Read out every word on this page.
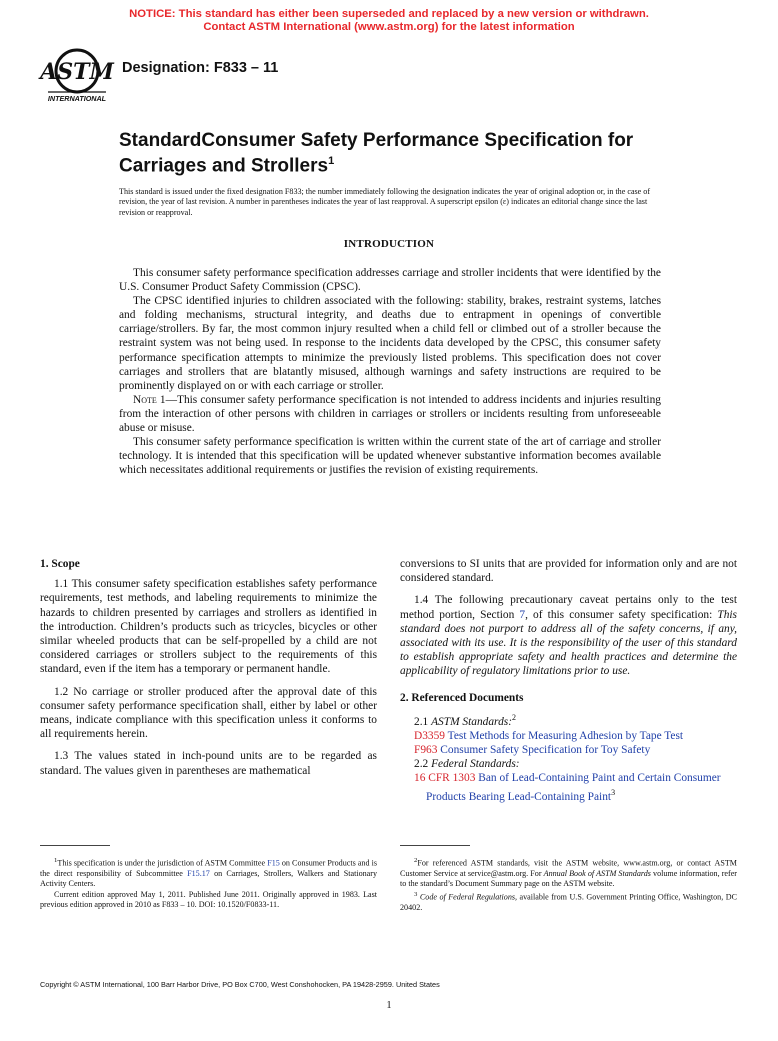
NOTICE: This standard has either been superseded and replaced by a new version or withdrawn.
Contact ASTM International (www.astm.org) for the latest information
ASTM
INTERNATIONAL
Designation: F833 – 11
StandardConsumer Safety Performance Specification for
Carriages and Strollers$^1$
This standard is issued under the fixed designation F833; the number immediately following the designation indicates the year of original adoption or, in the case of revision, the year of last revision. A number in parentheses indicates the year of last reapproval. A superscript epsilon (ε) indicates an editorial change since the last revision or reapproval.
INTRODUCTION

This consumer safety performance specification addresses carriage and stroller incidents that were identified by the U.S. Consumer Product Safety Commission (CPSC).

The CPSC identified injuries to children associated with the following: stability, brakes, restraint systems, latches and folding mechanisms, structural integrity, and deaths due to entrapment in openings of convertible carriage/strollers. By far, the most common injury resulted when a child fell or climbed out of a stroller because the restraint system was not being used. In response to the incidents data developed by the CPSC, this consumer safety performance specification attempts to minimize the previously listed problems. This specification does not cover carriages and strollers that are blatantly misused, although warnings and safety instructions are required to be prominently displayed on or with each carriage or stroller.

Note 1—This consumer safety performance specification is not intended to address incidents and injuries resulting from the interaction of other persons with children in carriages or strollers or incidents resulting from unforeseeable abuse or misuse.

This consumer safety performance specification is written within the current state of the art of carriage and stroller technology. It is intended that this specification will be updated whenever substantive information becomes available which necessitates additional requirements or justifies the revision of existing requirements.

1. Scope

1.1 This consumer safety specification establishes safety performance requirements, test methods, and labeling requirements to minimize the hazards to children presented by carriages and strollers as identified in the introduction. Children’s products such as tricycles, bicycles or other similar wheeled products that can be self-propelled by a child are not considered carriages or strollers subject to the requirements of this standard, even if the item has a temporary or permanent handle.

1.2 No carriage or stroller produced after the approval date of this consumer safety performance specification shall, either by label or other means, indicate compliance with this specification unless it conforms to all requirements herein.

1.3 The values stated in inch-pound units are to be regarded as standard. The values given in parentheses are mathematical

conversions to SI units that are provided for information only and are not considered standard.

1.4 The following precautionary caveat pertains only to the test method portion, Section 7, of this consumer safety specification: This standard does not purport to address all of the safety concerns, if any, associated with its use. It is the responsibility of the user of this standard to establish appropriate safety and health practices and determine the applicability of regulatory limitations prior to use.

2. Referenced Documents
2.1 ASTM Standards:$^2$
D3359 Test Methods for Measuring Adhesion by Tape Test
F963 Consumer Safety Specification for Toy Safety
2.2 Federal Standards:
16 CFR 1303 Ban of Lead-Containing Paint and Certain Consumer Products Bearing Lead-Containing Paint$^3$

$^1$This specification is under the jurisdiction of ASTM Committee F15 on Consumer Products and is the direct responsibility of Subcommittee F15.17 on Carriages, Strollers, Walkers and Stationary Activity Centers.

Current edition approved May 1, 2011. Published June 2011. Originally approved in 1983. Last previous edition approved in 2010 as F833 – 10. DOI: 10.1520/F0833-11.

$^2$For referenced ASTM standards, visit the ASTM website, www.astm.org, or contact ASTM Customer Service at service@astm.org. For Annual Book of ASTM Standards volume information, refer to the standard’s Document Summary page on the ASTM website.

$^3$ Code of Federal Regulations, available from U.S. Government Printing Office, Washington, DC 20402.

Copyright © ASTM International, 100 Barr Harbor Drive, PO Box C700, West Conshohocken, PA 19428-2959. United States
1
